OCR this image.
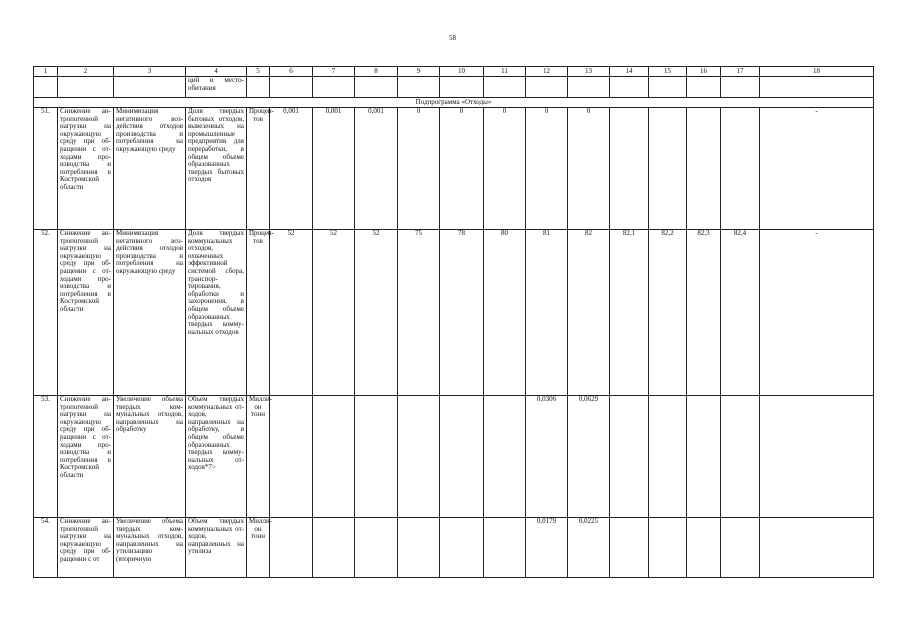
58
1	2	3	4	5	6	7	8	9	10	11	12	13	14	15	16	17	18
			ций и местообитания														
Подпрограмма «Отходы»																	
51.	Снижение антропогенной нагрузки на окружающую среду при обращении с отходами производства и потребления в Костромской области	Минимизация негативного воздействия отходов производства и потребления на окружающую среду	Доля твердых бытовых отходов, вывезенных на промышленные предприятия для переработки, в общем объеме образованных твердых бытовых отходов	Процентов	0,001	0,001	0,001	0	0	0	0	0					-
52.	Снижение антропогенной нагрузки на окружающую среду при обращении с отходами производства и потребления в Костромской области	Минимизация негативного воздействия отходов производства и потребления на окружающую среду	Доля твердых коммунальных отходов, охваченных эффективной системой сбора, транспортирования, обработки и захоронения, в общем объеме образованных твердых коммунальных отходов	Процентов	52	52	52	75	78	80	81	82	82,1	82,2	82,3	82,4	-
53.	Снижение антропогенной нагрузки на окружающую среду при обращении с отходами производства и потребления в Костромской области	Увеличение объема твердых коммунальных отходов, направленных на обработку	Объем твердых коммунальных отходов, направленных на обработку, в общем объеме образованных твердых коммунальных отходов*7>	Миллион тонн							0,0306	0,0629					
54.	Снижение антропогенной нагрузки на окружающую среду при обращении с от	Увеличение объема твердых коммунальных отходов, направленных на утилизацию (вторичную	Объем твердых коммунальных отходов, направленных на утилиза	Миллион тонн							0,0179	0,0225					
